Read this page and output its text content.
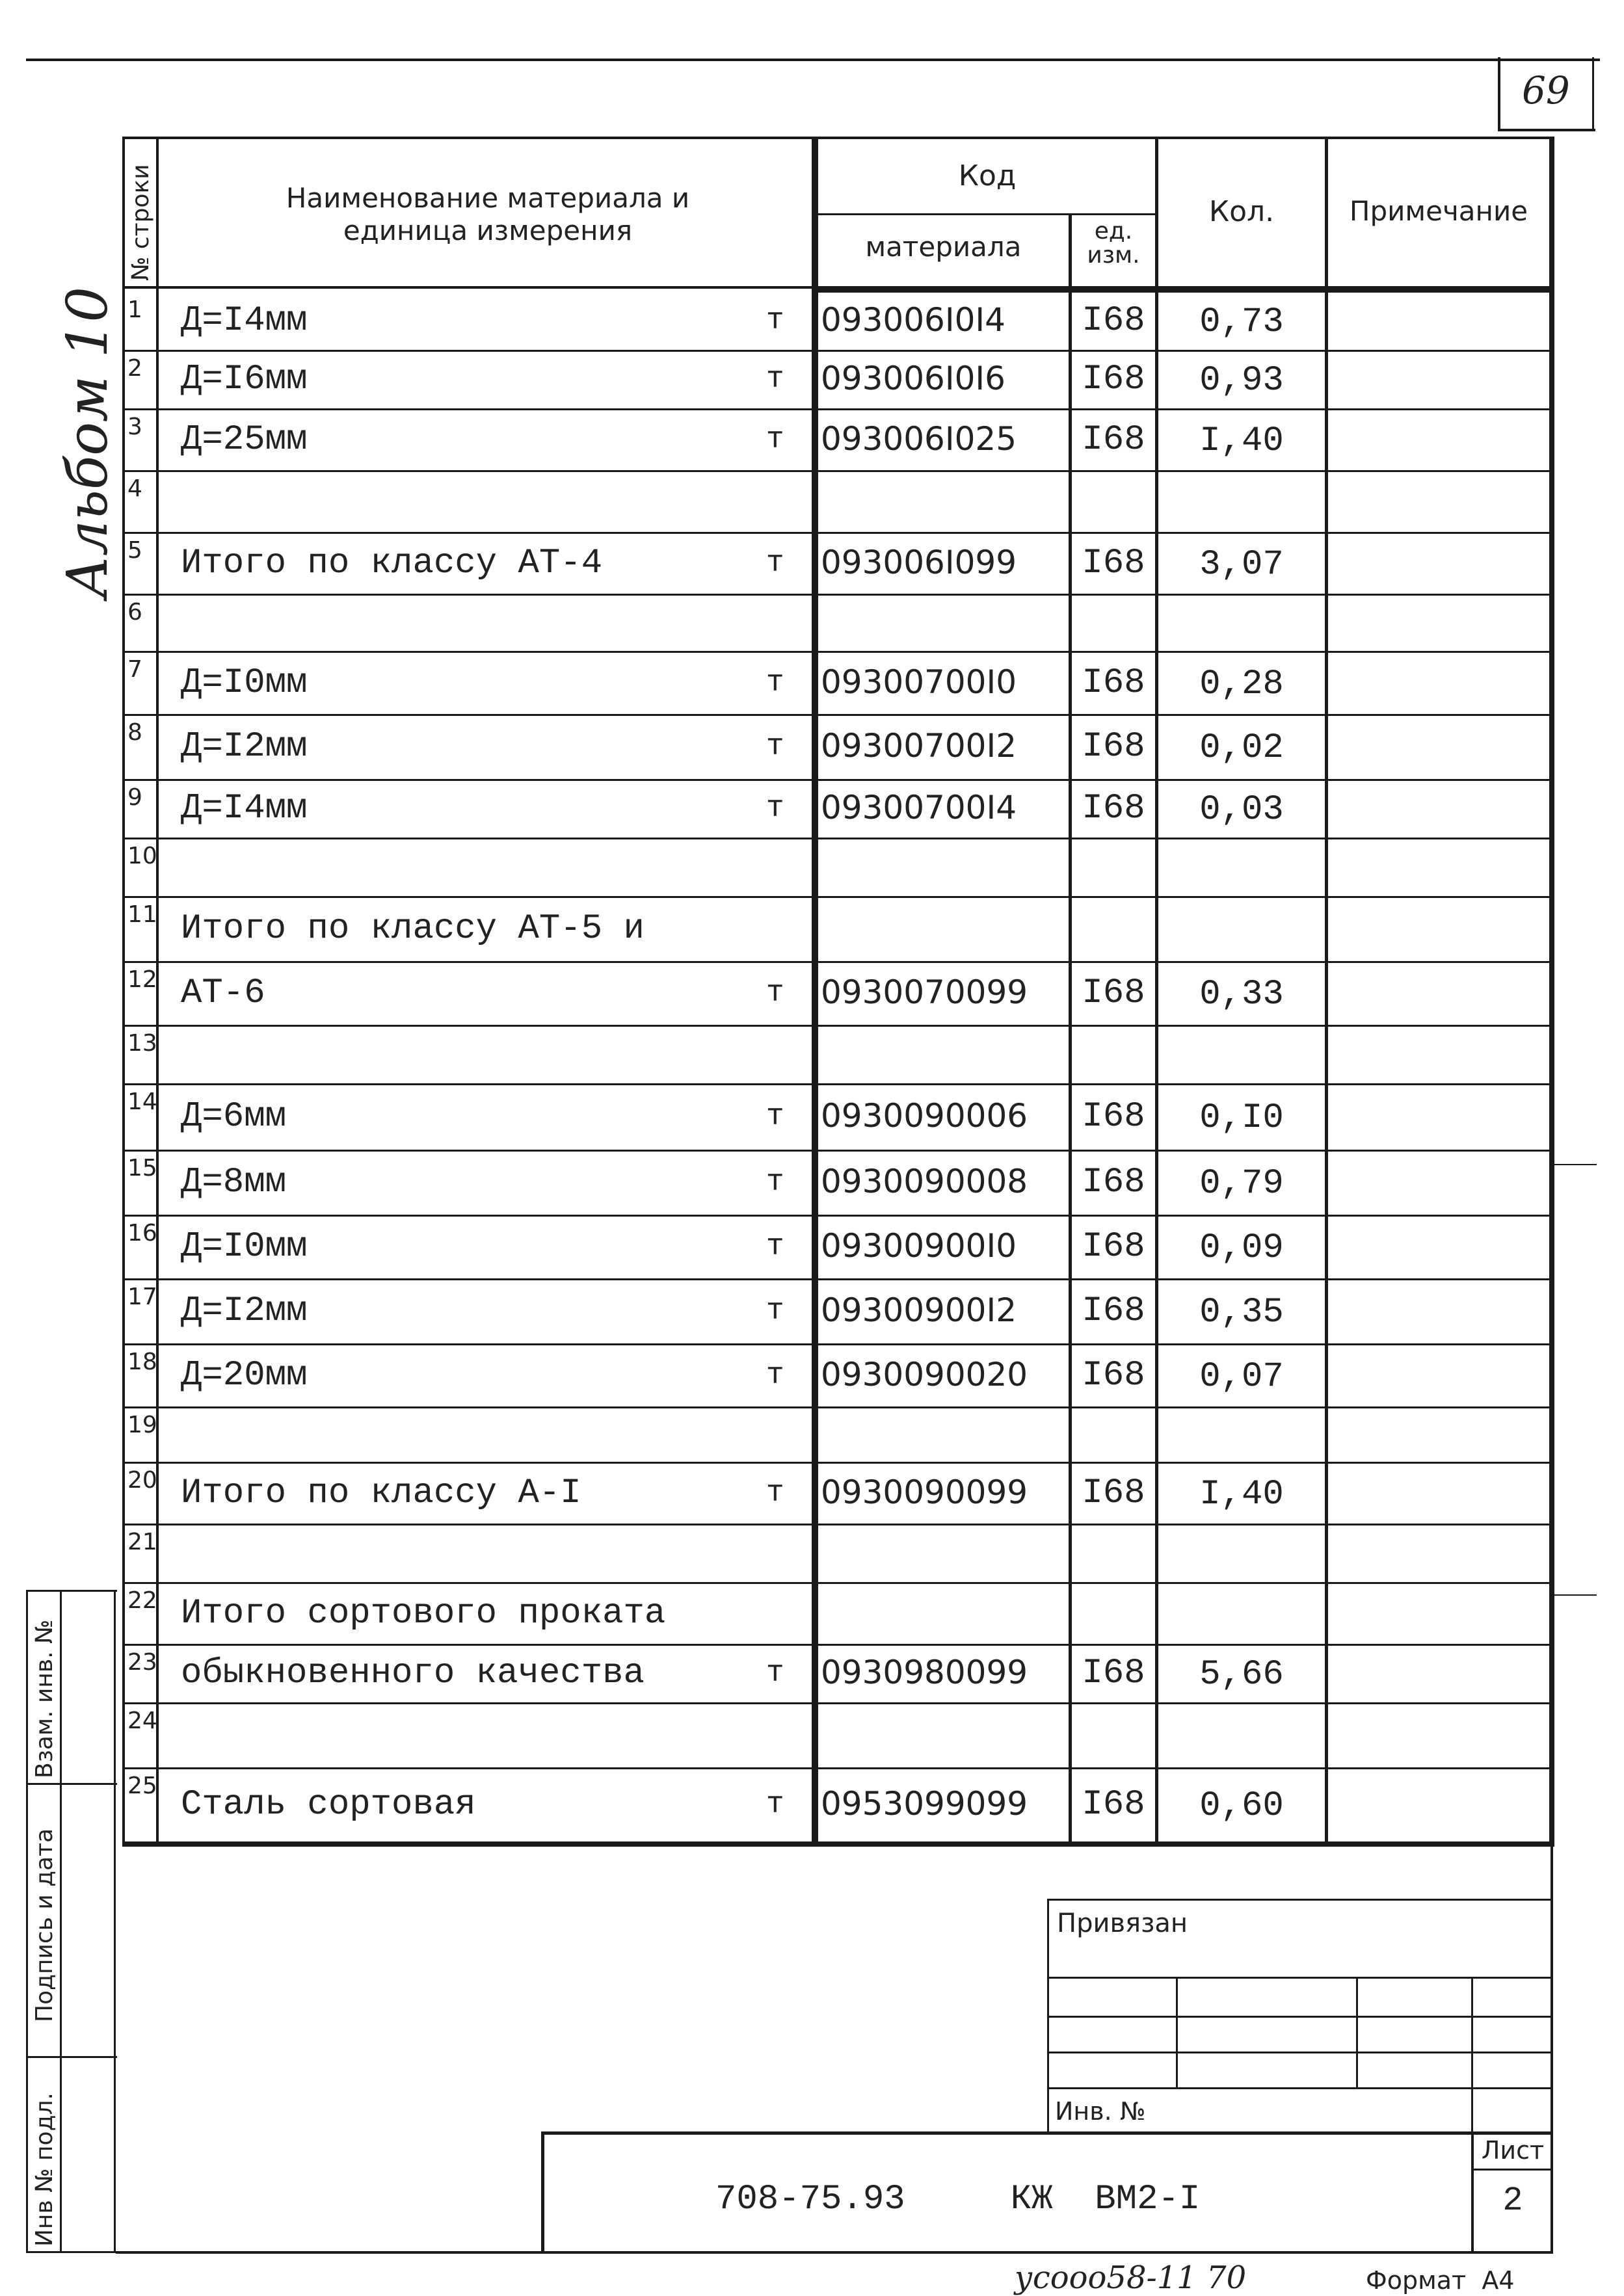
69
Альбом 10
№ строки	Наименование материала и
единица измерения
Код
материала	ед.
изм.
Кол.	Примечание
1 Д=I4мм	т 093006I0I4 I68	0,73
2 Д=I6мм	т 093006I0I6 I68	0,93
3 Д=25мм	т 093006I025 I68	I,40
4
5 Итого по классу АТ-4	т 093006I099 I68	3,07
6
7 Д=I0мм	т 09300700I0 I68	0,28
8 Д=I2мм	т 09300700I2 I68	0,02
9 Д=I4мм	т 09300700I4 I68	0,03
10
11 Итого по классу АТ-5 и
12 АТ-6	т 0930070099 I68	0,33
13
14 Д=6мм	т 0930090006 I68	0,I0
15 Д=8мм	т 0930090008 I68	0,79
16 Д=I0мм	т 09300900I0 I68	0,09
17 Д=I2мм	т 09300900I2 I68	0,35
18 Д=20мм	т 0930090020 I68	0,07
19
20 Итого по классу А-I	т 0930090099 I68	I,40
21
22 Итого сортового проката
23 обыкновенного качества	т 0930980099 I68	5,66
24
25 Сталь сортовая	т 0953099099 I68	0,60
Взам. инв. №
Подпись и дата
Инв № подл.
Привязан
Инв. №
Лист
2
708-75.93     КЖ  ВМ2-I
усооо58-11 70	Формат  А4
